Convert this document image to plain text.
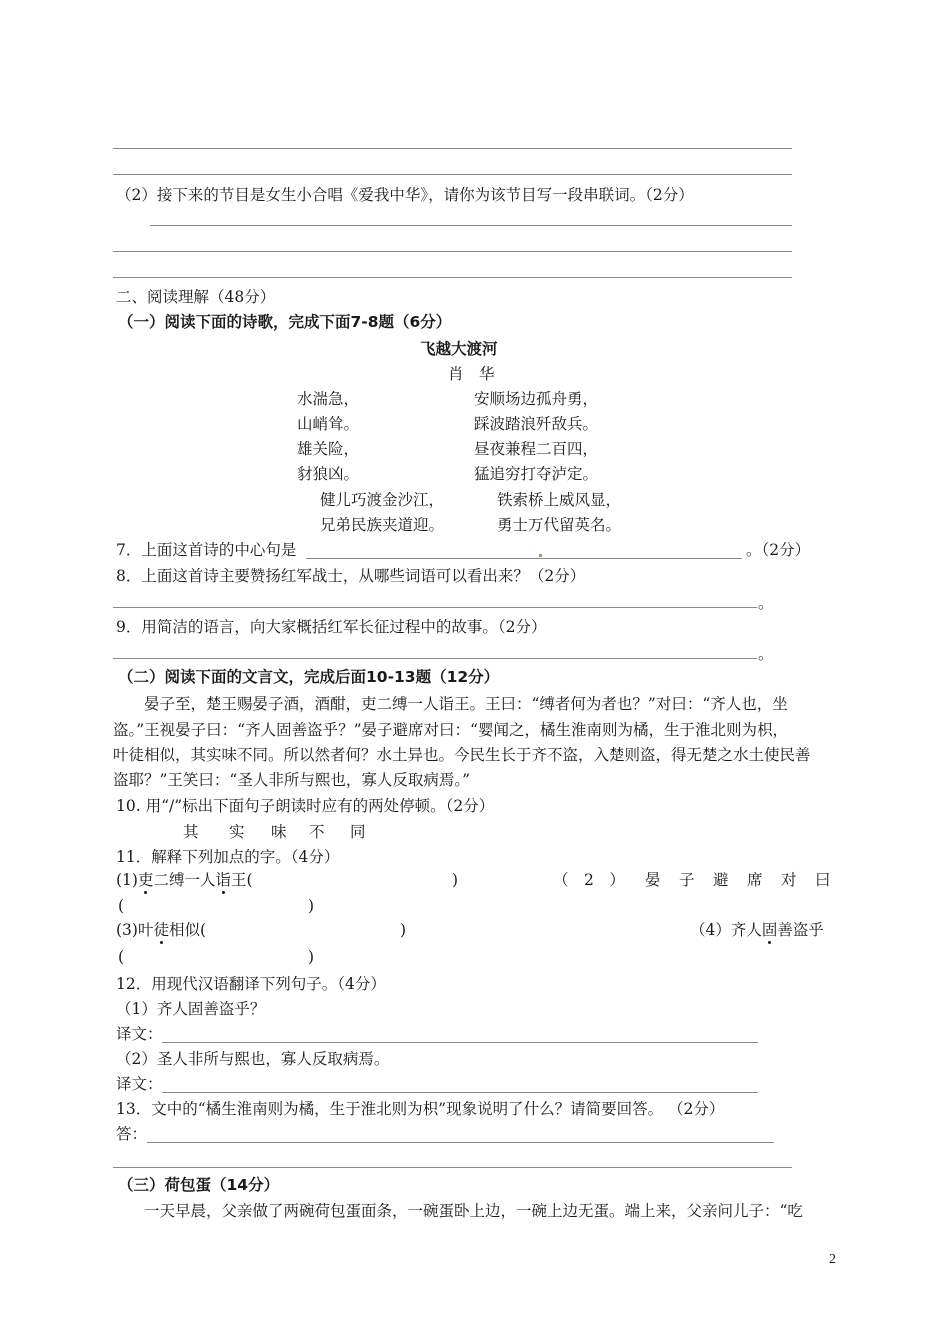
（2）接下来的节目是女生小合唱《爱我中华》，请你为该节目写一段串联词。（2分）
二、阅读理解（48分）
（一）阅读下面的诗歌，完成下面7-8题（6分）
飞越大渡河
肖　华
水湍急，
山峭耸。
雄关险，
豺狼凶。
安顺场边孤舟勇，
踩波踏浪歼敌兵。
昼夜兼程二百四，
猛追穷打夺泸定。
健儿巧渡金沙江，
兄弟民族夹道迎。
铁索桥上威风显，
勇士万代留英名。
7．上面这首诗的中心句是	。（2分）
8．上面这首诗主要赞扬红军战士，从哪些词语可以看出来？（2分）
。
9．用简洁的语言，向大家概括红军长征过程中的故事。（2分）
。
（二）阅读下面的文言文，完成后面10-13题（12分）
晏子至，楚王赐晏子酒，酒酣，吏二缚一人诣王。王曰：“缚者何为者也？”对曰：“齐人也，坐
盗。”王视晏子曰：“齐人固善盗乎？”晏子避席对曰：“婴闻之，橘生淮南则为橘，生于淮北则为枳，
叶徒相似，其实味不同。所以然者何？水土异也。今民生长于齐不盗，入楚则盗，得无楚之水土使民善
盗耶？”王笑曰：“圣人非所与熙也，寡人反取病焉。”
10. 用“/”标出下面句子朗读时应有的两处停顿。（2分）
其 实 味 不 同
11．解释下列加点的字。（4分）
(1)吏二缚一人诣王(	)	（　2　） 晏 子 避 席	对 曰
(	)
(3)叶徒相似(	)	（4）齐人固善盗乎
(	)
12．用现代汉语翻译下列句子。（4分）
（1）齐人固善盗乎？
译文：
（2）圣人非所与熙也，寡人反取病焉。
译文：
13．文中的“橘生淮南则为橘，生于淮北则为枳”现象说明了什么？请简要回答。 （2分）
答：
（三）荷包蛋（14分）
一天早晨，父亲做了两碗荷包蛋面条，一碗蛋卧上边，一碗上边无蛋。端上来，父亲问儿子：“吃
2
